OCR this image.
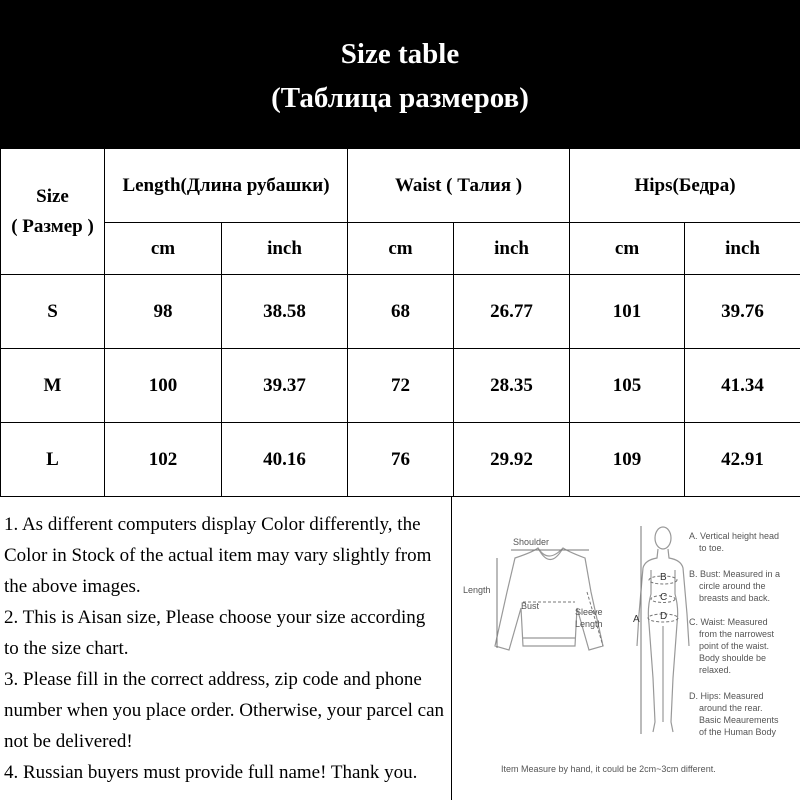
Size table
(Таблица размеров)
Size
( Размер )	Length(Длина рубашки)		Waist ( Талия )		Hips(Бедра)	
	cm	inch	cm	inch	cm	inch
S	98	38.58	68	26.77	101	39.76
M	100	39.37	72	28.35	105	41.34
L	102	40.16	76	29.92	109	42.91

1. As different computers display Color differently, the

Color in Stock of the actual item may vary slightly from

the above images.

2. This is Aisan size, Please choose your size according

to the size chart.

3. Please fill in the correct address, zip code and phone

number when you place order. Otherwise, your parcel can

not be delivered!

4. Russian buyers must provide full name! Thank you.

Shoulder
Length
Bust
Sleeve
Length	A
B
C
D
A. Vertical height head
to toe.
B. Bust: Measured in a
circle around the
breasts and back.
C. Waist: Measured
from the narrowest
point of the waist.
Body shoulde be
relaxed.
D. Hips: Measured
around the rear.
Basic Meaurements
of the Human Body
Item Measure by hand, it could be 2cm~3cm different.
